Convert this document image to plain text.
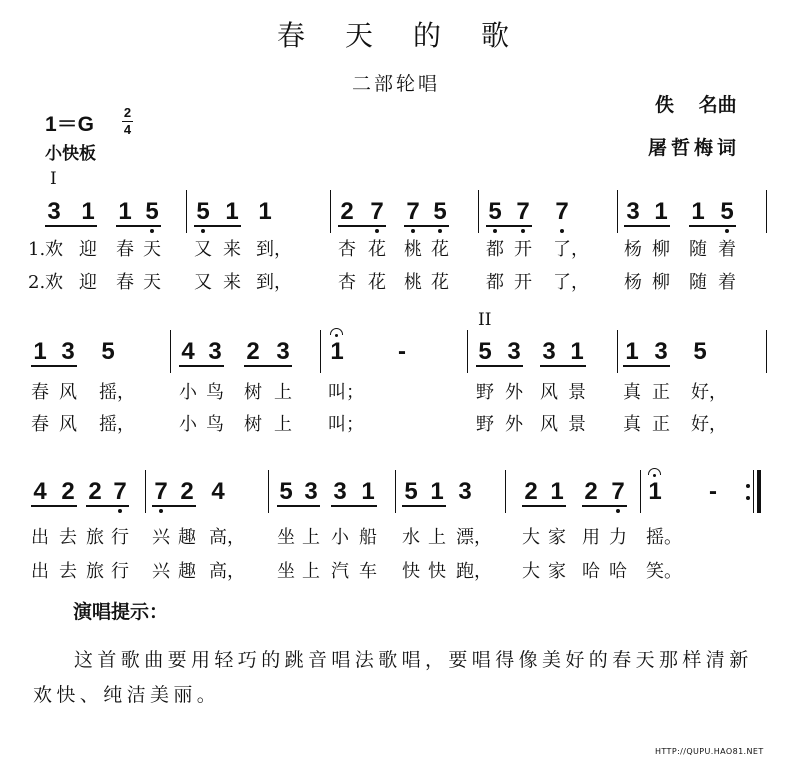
春天的歌
二部轮唱
1＝G
2
4
小快板
佚 名曲
屠哲梅词
I
3 1 1 5 5 1 1	2 7 7 5 5 7 7 3 1 1 5
1. 欢 迎 春 天 又 来 到，	杏 花 桃 花 都 开 了， 杨 柳 随 着
2. 欢 迎 春 天 又 来 到，	杏 花 桃 花 都 开 了， 杨 柳 随 着
II
1 3 5	4 3 2 3 1 -	5 3 3 1 1 3 5
春 风 摇， 小 鸟 树 上 叫；	野 外 风 景 真 正 好，
春 风 摇， 小 鸟 树 上 叫；	野 外 风 景 真 正 好，
4 2 2 7 7 2 4 5 3 3 1 5 1 3 2 1 2 7 1 -
出 去 旅 行 兴 趣 高， 坐 上 小 船 水 上 漂， 大 家 用 力 摇。
出 去 旅 行 兴 趣 高， 坐 上 汽 车 快 快 跑， 大 家 哈 哈 笑。
演唱提示：
这首歌曲要用轻巧的跳音唱法歌唱，要唱得像美好的春天那样清新
欢快、纯洁美丽。
HTTP://QUPU.HAO81.NET
